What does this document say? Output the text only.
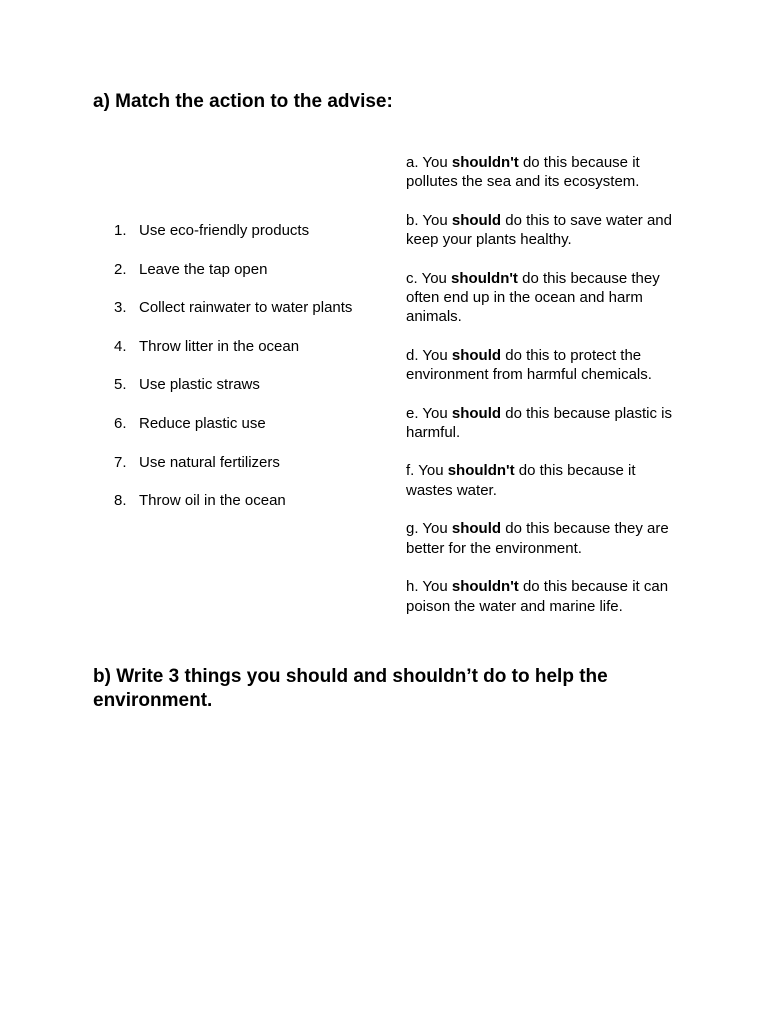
a) Match the action to the advise:
1. Use eco-friendly products
2. Leave the tap open
3. Collect rainwater to water plants
4. Throw litter in the ocean
5. Use plastic straws
6. Reduce plastic use
7. Use natural fertilizers
8. Throw oil in the ocean

a. You shouldn't do this because it pollutes the sea and its ecosystem.

b. You should do this to save water and keep your plants healthy.

c. You shouldn't do this because they often end up in the ocean and harm animals.

d. You should do this to protect the environment from harmful chemicals.

e. You should do this because plastic is harmful.

f. You shouldn't do this because it wastes water.

g. You should do this because they are better for the environment.

h. You shouldn't do this because it can poison the water and marine life.

b) Write 3 things you should and shouldn’t do to help the environment.
